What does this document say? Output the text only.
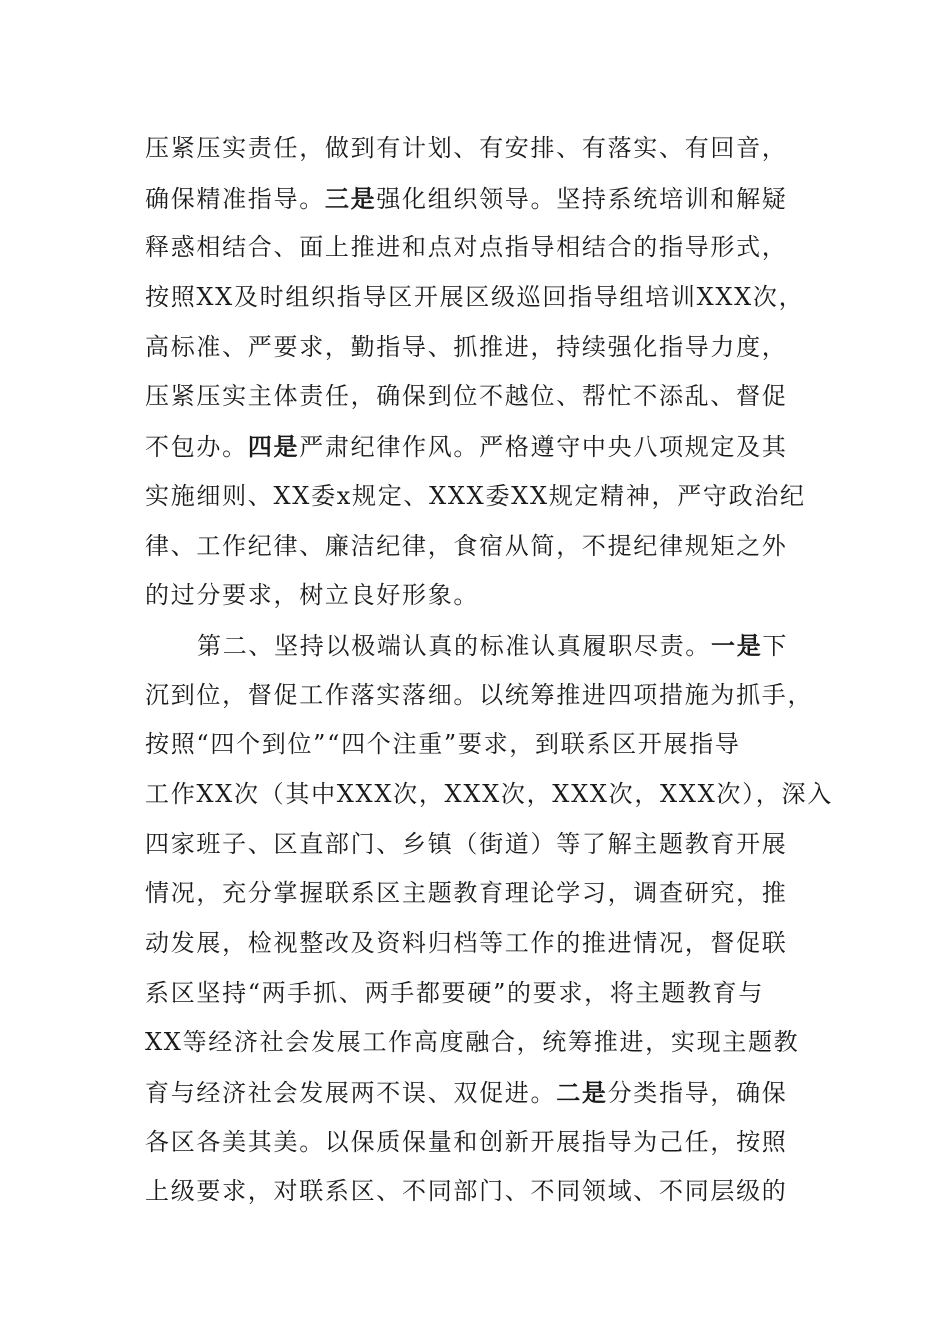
压紧压实责任，做到有计划、有安排、有落实、有回音，
确保精准指导。三是强化组织领导。坚持系统培训和解疑
释惑相结合、面上推进和点对点指导相结合的指导形式，
按照XX及时组织指导区开展区级巡回指导组培训XXX次，
高标准、严要求，勤指导、抓推进，持续强化指导力度，
压紧压实主体责任，确保到位不越位、帮忙不添乱、督促
不包办。四是严肃纪律作风。严格遵守中央八项规定及其
实施细则、XX委x规定、XXX委XX规定精神，严守政治纪
律、工作纪律、廉洁纪律，食宿从简，不提纪律规矩之外
的过分要求，树立良好形象。
第二、坚持以极端认真的标准认真履职尽责。一是下
沉到位，督促工作落实落细。以统筹推进四项措施为抓手，
按照“四个到位”“四个注重”要求，到联系区开展指导
工作XX次（其中XXX次，XXX次，XXX次，XXX次），深入
四家班子、区直部门、乡镇（街道）等了解主题教育开展
情况，充分掌握联系区主题教育理论学习，调查研究，推
动发展，检视整改及资料归档等工作的推进情况，督促联
系区坚持“两手抓、两手都要硬”的要求，将主题教育与
XX等经济社会发展工作高度融合，统筹推进，实现主题教
育与经济社会发展两不误、双促进。二是分类指导，确保
各区各美其美。以保质保量和创新开展指导为己任，按照
上级要求，对联系区、不同部门、不同领域、不同层级的
